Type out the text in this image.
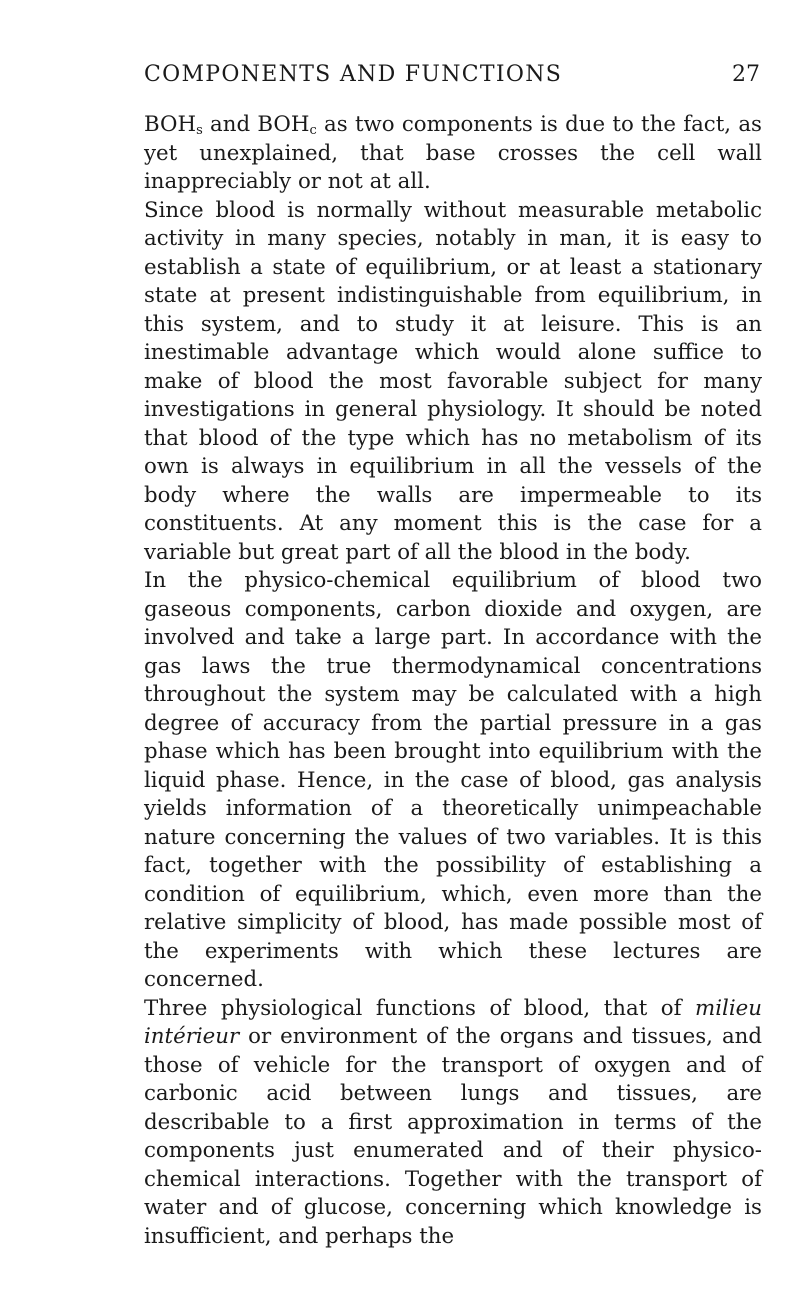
COMPONENTS AND FUNCTIONS	27

$BOH_s$ and $BOH_c$ as two components is due to the fact, as yet unexplained, that base crosses the cell wall inappreciably or not at all.

Since blood is normally without measurable metabolic activity in many species, notably in man, it is easy to establish a state of equilibrium, or at least a stationary state at present indistinguishable from equilibrium, in this system, and to study it at leisure. This is an inestimable advantage which would alone suffice to make of blood the most favorable subject for many investigations in general physiology. It should be noted that blood of the type which has no metabolism of its own is always in equilibrium in all the vessels of the body where the walls are impermeable to its constituents. At any moment this is the case for a variable but great part of all the blood in the body.

In the physico-chemical equilibrium of blood two gaseous components, carbon dioxide and oxygen, are involved and take a large part. In accordance with the gas laws the true thermodynamical concentrations throughout the system may be calculated with a high degree of accuracy from the partial pressure in a gas phase which has been brought into equilibrium with the liquid phase. Hence, in the case of blood, gas analysis yields information of a theoretically unimpeachable nature concerning the values of two variables. It is this fact, together with the possibility of establishing a condition of equilibrium, which, even more than the relative simplicity of blood, has made possible most of the experiments with which these lectures are concerned.

Three physiological functions of blood, that of milieu intérieur or environment of the organs and tissues, and those of vehicle for the transport of oxygen and of carbonic acid between lungs and tissues, are describable to a first approximation in terms of the components just enumerated and of their physico-chemical interactions. Together with the transport of water and of glucose, concerning which knowledge is insufficient, and perhaps the
